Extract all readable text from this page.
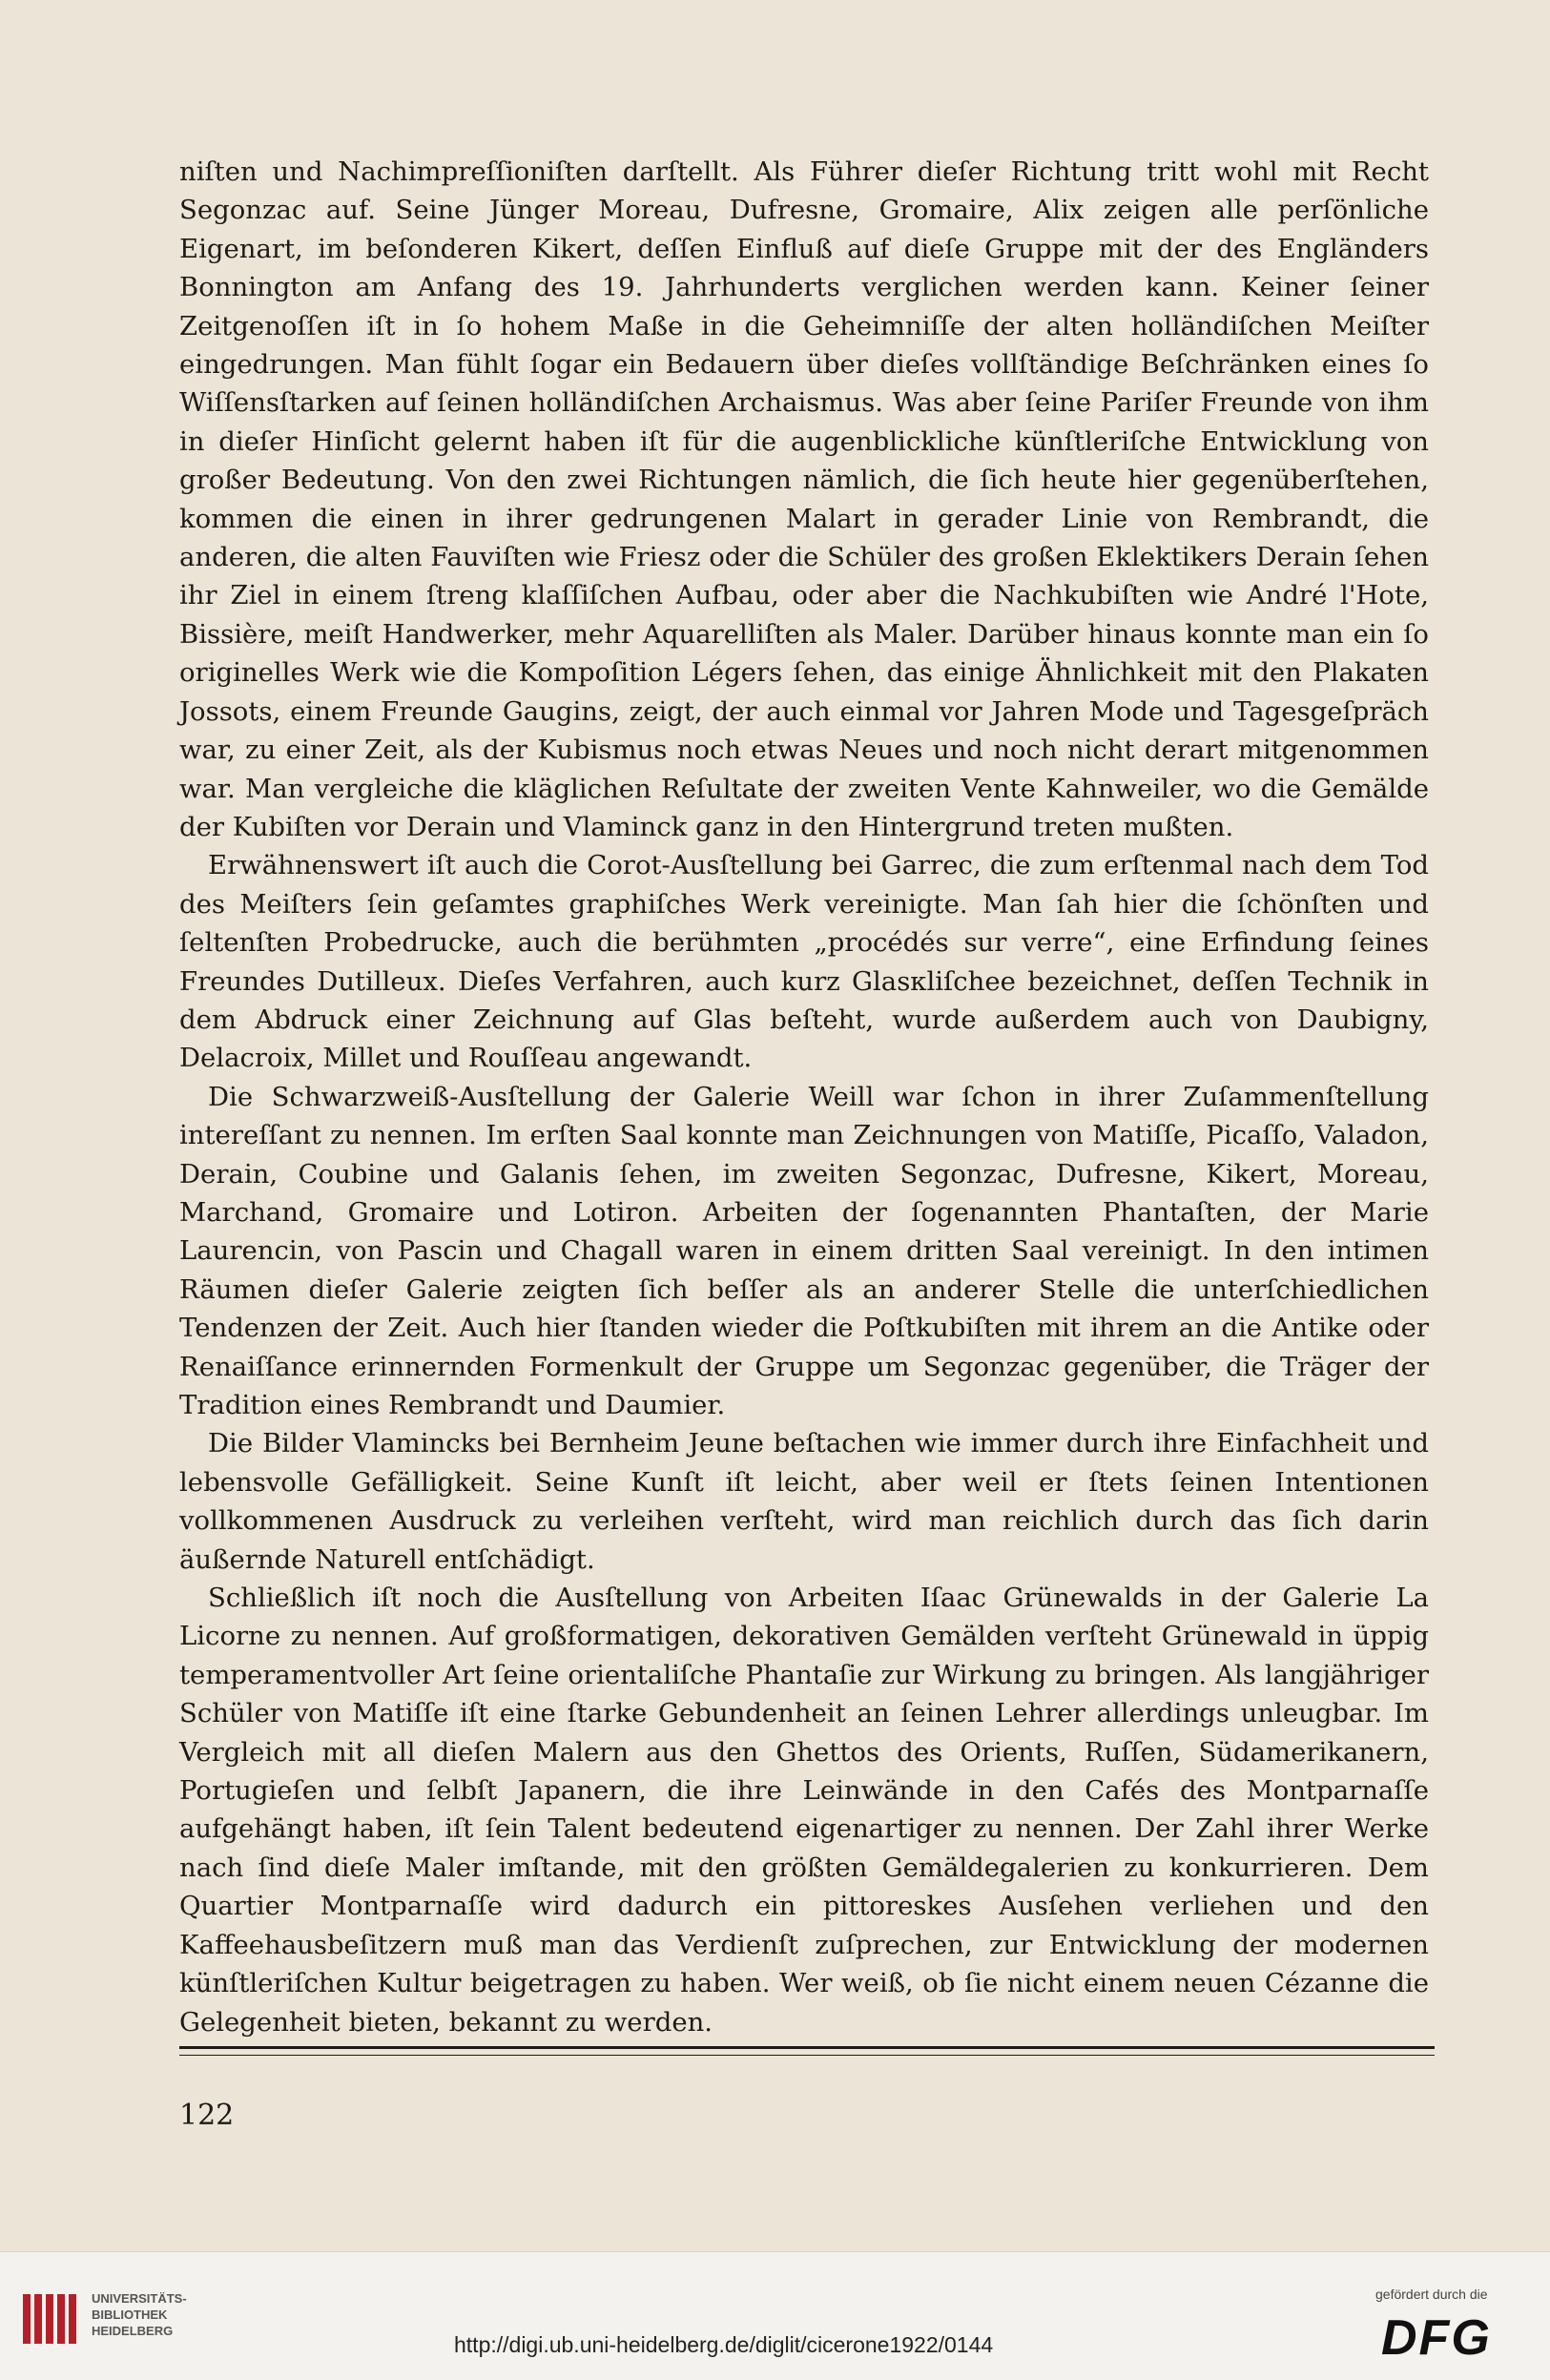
niſten und Nachimpreſſioniſten darſtellt. Als Führer dieſer Richtung tritt wohl mit Recht Segonzac auf. Seine Jünger Moreau, Dufresne, Gromaire, Alix zeigen alle perſönliche Eigenart, im beſonderen Kikert, deſſen Einfluß auf dieſe Gruppe mit der des Engländers Bonnington am Anfang des 19. Jahrhunderts verglichen werden kann. Keiner ſeiner Zeitgenoſſen iſt in ſo hohem Maße in die Geheimniſſe der alten holländiſchen Meiſter eingedrungen. Man fühlt ſogar ein Bedauern über dieſes vollſtändige Beſchränken eines ſo Wiſſensſtarken auf ſeinen holländiſchen Archaismus. Was aber ſeine Pariſer Freunde von ihm in dieſer Hinſicht gelernt haben iſt für die augenblickliche künſtleriſche Entwicklung von großer Bedeutung. Von den zwei Richtungen nämlich, die ſich heute hier gegenüberſtehen, kommen die einen in ihrer gedrungenen Malart in gerader Linie von Rembrandt, die anderen, die alten Fauviſten wie Friesz oder die Schüler des großen Eklektikers Derain ſehen ihr Ziel in einem ſtreng klaſſiſchen Aufbau, oder aber die Nachkubiſten wie André l'Hote, Bissière, meiſt Handwerker, mehr Aquarelliſten als Maler. Darüber hinaus konnte man ein ſo originelles Werk wie die Kompoſition Légers ſehen, das einige Ähnlichkeit mit den Plakaten Jossots, einem Freunde Gaugins, zeigt, der auch einmal vor Jahren Mode und Tagesgeſpräch war, zu einer Zeit, als der Kubismus noch etwas Neues und noch nicht derart mitgenommen war. Man vergleiche die kläglichen Reſultate der zweiten Vente Kahnweiler, wo die Gemälde der Kubiſten vor Derain und Vlaminck ganz in den Hintergrund treten mußten.

Erwähnenswert iſt auch die Corot-Ausſtellung bei Garrec, die zum erſtenmal nach dem Tod des Meiſters ſein geſamtes graphiſches Werk vereinigte. Man ſah hier die ſchönſten und ſeltenſten Probedrucke, auch die berühmten „procédés sur verre“, eine Erfindung ſeines Freundes Dutilleux. Dieſes Verfahren, auch kurz Glasкliſchee bezeichnet, deſſen Technik in dem Abdruck einer Zeichnung auf Glas beſteht, wurde außerdem auch von Daubigny, Delacroix, Millet und Rouſſeau angewandt.

Die Schwarzweiß-Ausſtellung der Galerie Weill war ſchon in ihrer Zuſammenſtellung intereſſant zu nennen. Im erſten Saal konnte man Zeichnungen von Matiſſe, Picaſſo, Valadon, Derain, Coubine und Galanis ſehen, im zweiten Segonzac, Dufresne, Kikert, Moreau, Marchand, Gromaire und Lotiron. Arbeiten der ſogenannten Phantaſten, der Marie Laurencin, von Pascin und Chagall waren in einem dritten Saal vereinigt. In den intimen Räumen dieſer Galerie zeigten ſich beſſer als an anderer Stelle die unterſchiedlichen Tendenzen der Zeit. Auch hier ſtanden wieder die Poſtkubiſten mit ihrem an die Antike oder Renaiſſance erinnernden Formenkult der Gruppe um Segonzac gegenüber, die Träger der Tradition eines Rembrandt und Daumier.

Die Bilder Vlamincks bei Bernheim Jeune beſtachen wie immer durch ihre Einfachheit und lebensvolle Gefälligkeit. Seine Kunſt iſt leicht, aber weil er ſtets ſeinen Intentionen vollkommenen Ausdruck zu verleihen verſteht, wird man reichlich durch das ſich darin äußernde Naturell entſchädigt.

Schließlich iſt noch die Ausſtellung von Arbeiten Iſaac Grünewalds in der Galerie La Licorne zu nennen. Auf großformatigen, dekorativen Gemälden verſteht Grünewald in üppig temperamentvoller Art ſeine orientaliſche Phantaſie zur Wirkung zu bringen. Als langjähriger Schüler von Matiſſe iſt eine ſtarke Gebundenheit an ſeinen Lehrer allerdings unleugbar. Im Vergleich mit all dieſen Malern aus den Ghettos des Orients, Ruſſen, Südamerikanern, Portugieſen und ſelbſt Japanern, die ihre Leinwände in den Cafés des Montparnaſſe aufgehängt haben, iſt ſein Talent bedeutend eigenartiger zu nennen. Der Zahl ihrer Werke nach ſind dieſe Maler imſtande, mit den größten Gemäldegalerien zu konkurrieren. Dem Quartier Montparnaſſe wird dadurch ein pittoreskes Ausſehen verliehen und den Kaffeehausbeſitzern muß man das Verdienſt zuſprechen, zur Entwicklung der modernen künſtleriſchen Kultur beigetragen zu haben. Wer weiß, ob ſie nicht einem neuen Cézanne die Gelegenheit bieten, bekannt zu werden.

122
UNIVERSITÄTS-
BIBLIOTHEK
HEIDELBERG
http://digi.ub.uni-heidelberg.de/diglit/cicerone1922/0144
gefördert durch die
DFG
